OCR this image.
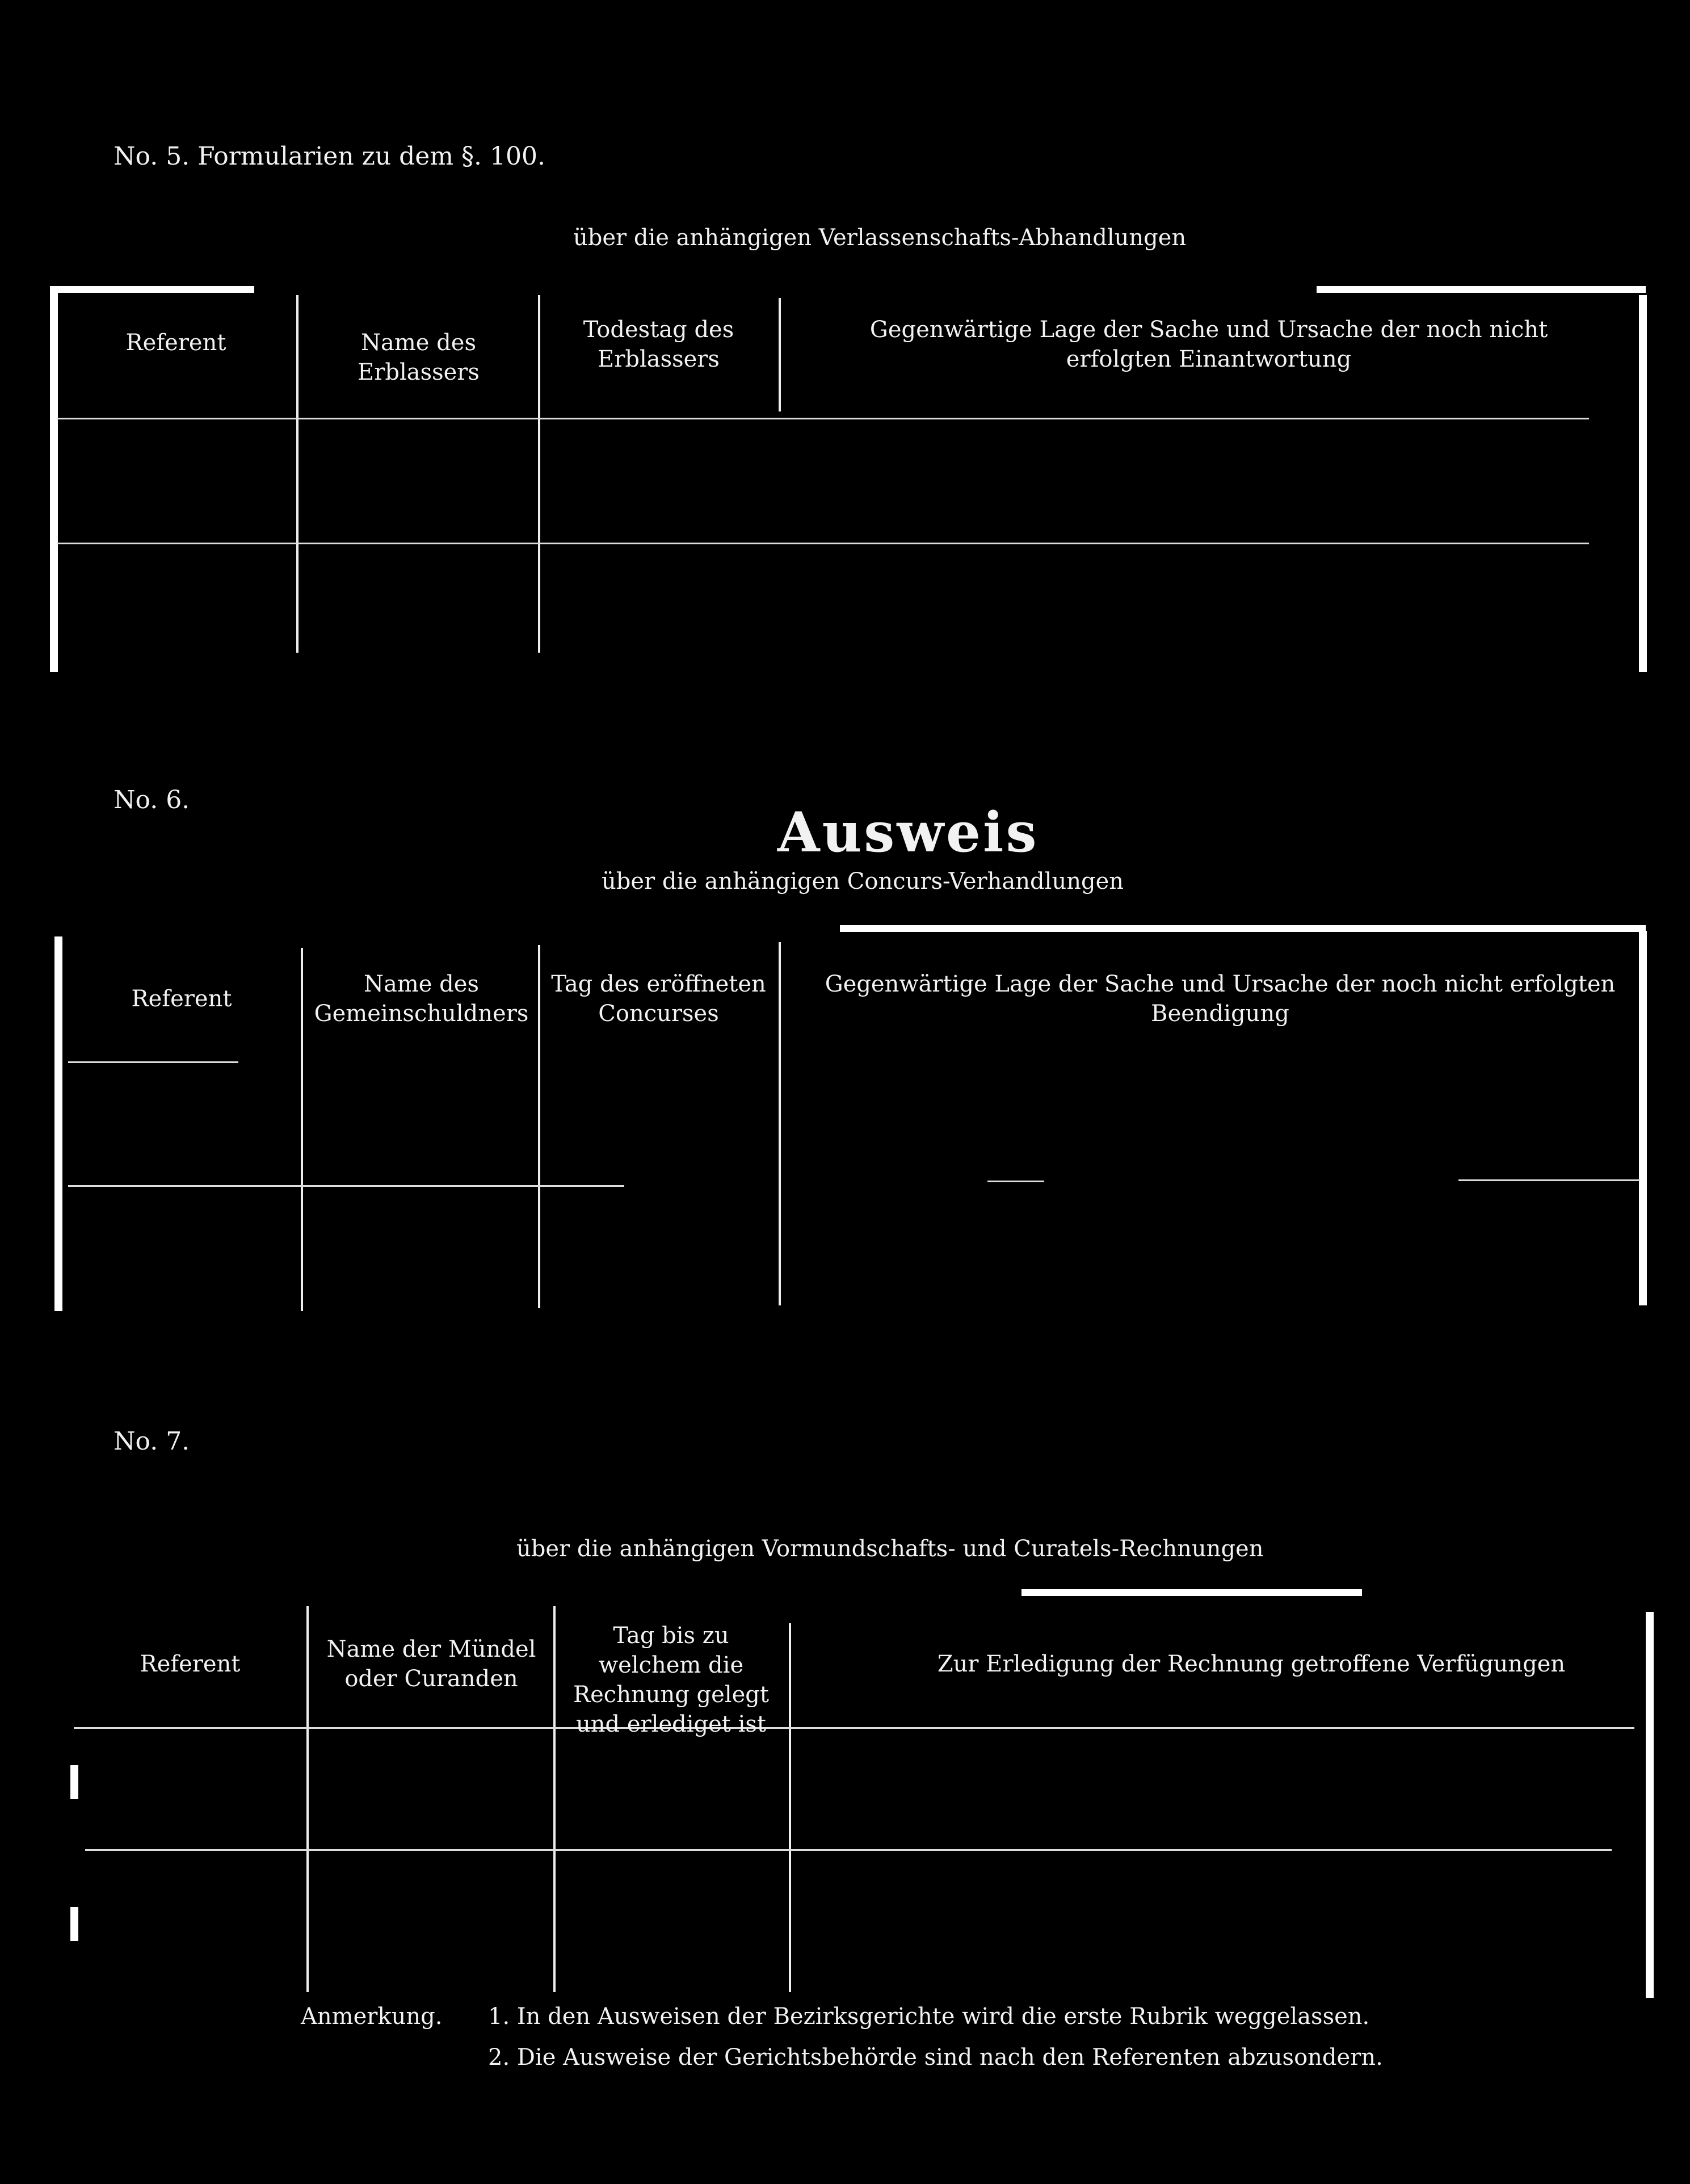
No. 5. Formularien zu dem §. 100.
über die anhängigen Verlassenschafts-Abhandlungen
Referent	Name des Erblassers
Todestag des Erblassers
Gegenwärtige Lage der Sache und Ursache der noch nicht erfolgten Einantwortung
No. 6.
Ausweis
über die anhängigen Concurs-Verhandlungen
Referent
Name des Gemeinschuldners
Tag des eröffneten Concurses
Gegenwärtige Lage der Sache und Ursache der noch nicht erfolgten Beendigung
No. 7.
über die anhängigen Vormundschafts- und Curatels-Rechnungen
Referent
Name der Mündel oder Curanden
Tag bis zu welchem die Rechnung gelegt und erlediget ist
Zur Erledigung der Rechnung getroffene Verfügungen
Anmerkung. 1. In den Ausweisen der Bezirksgerichte wird die erste Rubrik weggelassen.
2. Die Ausweise der Gerichtsbehörde sind nach den Referenten abzusondern.
